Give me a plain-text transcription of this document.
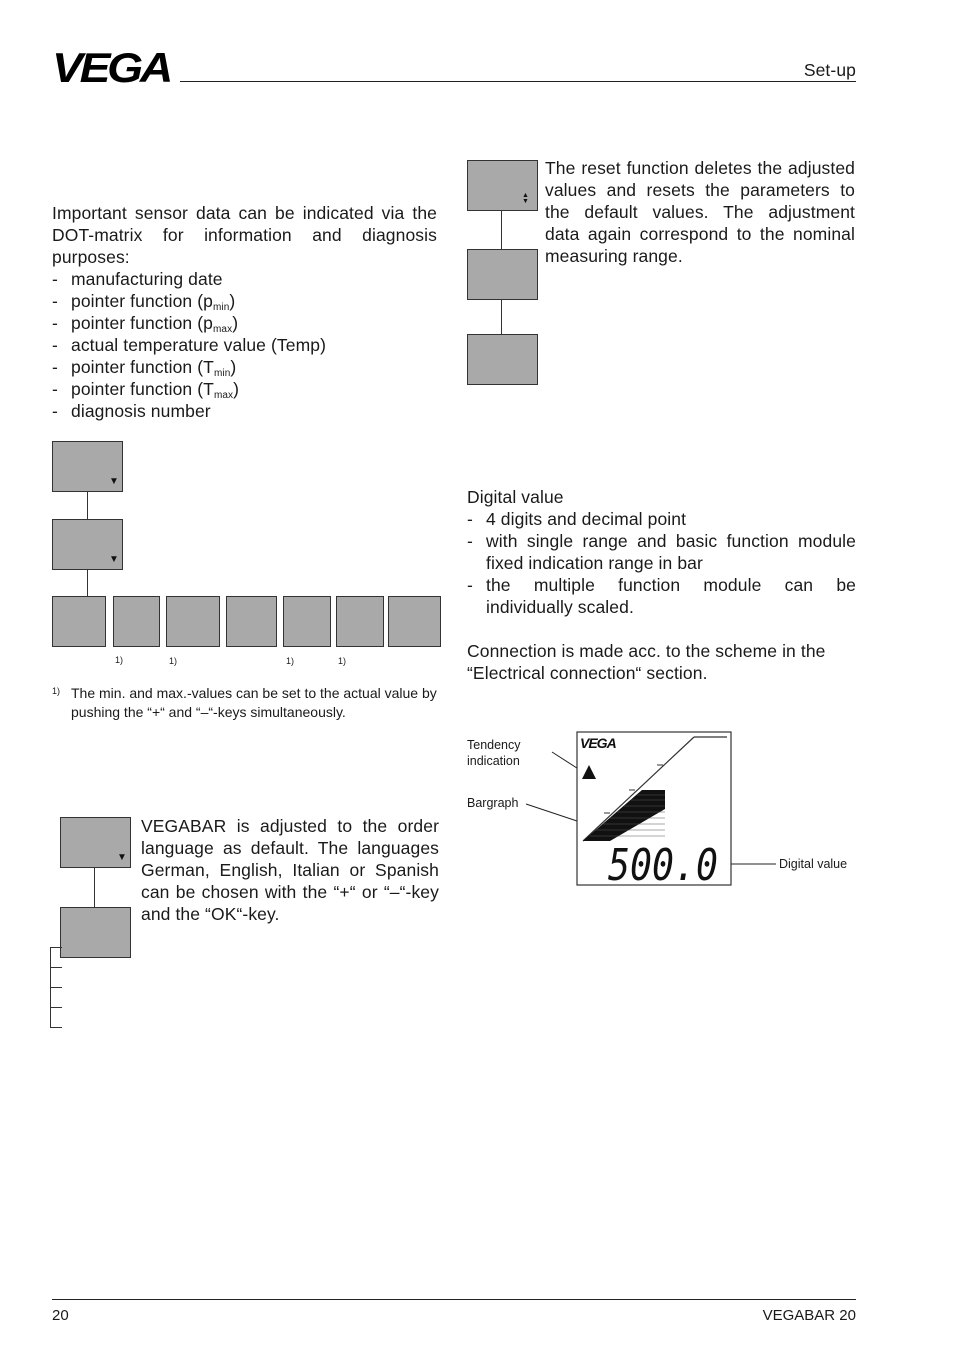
VEGA	Set-up
Important sensor data can be indicated via the DOT-matrix for information and diagnosis purposes:
- manufacturing date
- pointer function $(p_{min})$
- pointer function $(p_{max})$
- actual temperature value (Temp)
- pointer function $(T_{min})$
- pointer function $(T_{max})$
- diagnosis number
▼
▼
1)	1)	1)	1)
1) The min. and max.-values can be set to the actual value by pushing the “+“ and “–“-keys simultaneously.
▼
VEGABAR is adjusted to the order language as default. The languages German, English, Italian or Spanish can be chosen with the “+“ or “–“-key and the “OK“-key.
▲
▼
The reset function deletes the adjusted values and resets the parameters to the default values. The adjustment data again correspond to the nominal measuring range.
Digital value
- 4 digits and decimal point
- with single range and basic function module fixed indication range in bar
- the multiple function module can be individually scaled.
Connection is made acc. to the scheme in the “Electrical connection“ section.
Tendency indication
Bargraph
Digital value
VEGA
500.0
20	VEGABAR 20
